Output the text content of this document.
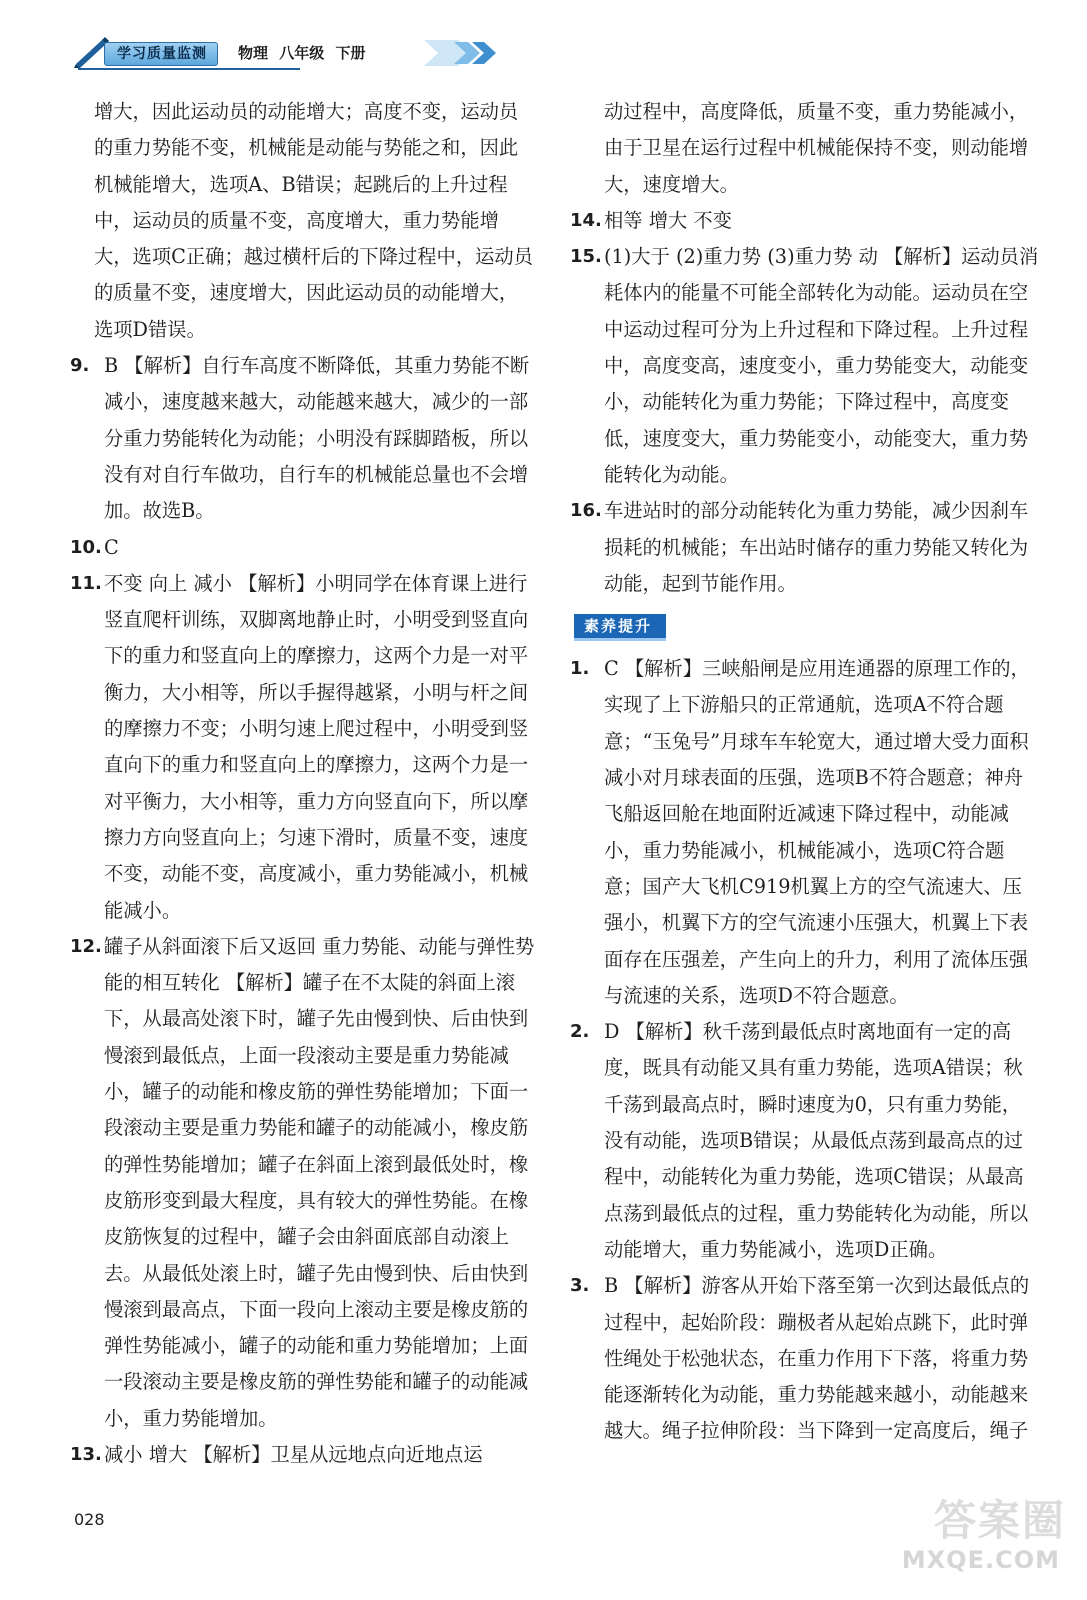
学习质量监测	物理 八年级 下册
增大，因此运动员的动能增大；高度不变，运动员的重力势能不变，机械能是动能与势能之和，因此机械能增大，选项A、B错误；起跳后的上升过程中，运动员的质量不变，高度增大，重力势能增大，选项C正确；越过横杆后的下降过程中，运动员的质量不变，速度增大，因此运动员的动能增大，选项D错误。
9. B 【解析】自行车高度不断降低，其重力势能不断减小，速度越来越大，动能越来越大，减少的一部分重力势能转化为动能；小明没有踩脚踏板，所以没有对自行车做功，自行车的机械能总量也不会增加。故选B。
10. C
11. 不变 向上 减小 【解析】小明同学在体育课上进行竖直爬杆训练，双脚离地静止时，小明受到竖直向下的重力和竖直向上的摩擦力，这两个力是一对平衡力，大小相等，所以手握得越紧，小明与杆之间的摩擦力不变；小明匀速上爬过程中，小明受到竖直向下的重力和竖直向上的摩擦力，这两个力是一对平衡力，大小相等，重力方向竖直向下，所以摩擦力方向竖直向上；匀速下滑时，质量不变，速度不变，动能不变，高度减小，重力势能减小，机械能减小。
12. 罐子从斜面滚下后又返回 重力势能、动能与弹性势能的相互转化 【解析】罐子在不太陡的斜面上滚下，从最高处滚下时，罐子先由慢到快、后由快到慢滚到最低点，上面一段滚动主要是重力势能减小，罐子的动能和橡皮筋的弹性势能增加；下面一段滚动主要是重力势能和罐子的动能减小，橡皮筋的弹性势能增加；罐子在斜面上滚到最低处时，橡皮筋形变到最大程度，具有较大的弹性势能。在橡皮筋恢复的过程中，罐子会由斜面底部自动滚上去。从最低处滚上时，罐子先由慢到快、后由快到慢滚到最高点，下面一段向上滚动主要是橡皮筋的弹性势能减小，罐子的动能和重力势能增加；上面一段滚动主要是橡皮筋的弹性势能和罐子的动能减小，重力势能增加。
13. 减小 增大 【解析】卫星从远地点向近地点运
动过程中，高度降低，质量不变，重力势能减小，由于卫星在运行过程中机械能保持不变，则动能增大，速度增大。
14. 相等 增大 不变
15. (1)大于 (2)重力势 (3)重力势 动 【解析】运动员消耗体内的能量不可能全部转化为动能。运动员在空中运动过程可分为上升过程和下降过程。上升过程中，高度变高，速度变小，重力势能变大，动能变小，动能转化为重力势能；下降过程中，高度变低，速度变大，重力势能变小，动能变大，重力势能转化为动能。
16. 车进站时的部分动能转化为重力势能，减少因刹车损耗的机械能；车出站时储存的重力势能又转化为动能，起到节能作用。
素养提升
1. C 【解析】三峡船闸是应用连通器的原理工作的，实现了上下游船只的正常通航，选项A不符合题意；“玉兔号”月球车车轮宽大，通过增大受力面积减小对月球表面的压强，选项B不符合题意；神舟飞船返回舱在地面附近减速下降过程中，动能减小，重力势能减小，机械能减小，选项C符合题意；国产大飞机C919机翼上方的空气流速大、压强小，机翼下方的空气流速小压强大，机翼上下表面存在压强差，产生向上的升力，利用了流体压强与流速的关系，选项D不符合题意。
2. D 【解析】秋千荡到最低点时离地面有一定的高度，既具有动能又具有重力势能，选项A错误；秋千荡到最高点时，瞬时速度为0，只有重力势能，没有动能，选项B错误；从最低点荡到最高点的过程中，动能转化为重力势能，选项C错误；从最高点荡到最低点的过程，重力势能转化为动能，所以动能增大，重力势能减小，选项D正确。
3. B 【解析】游客从开始下落至第一次到达最低点的过程中，起始阶段：蹦极者从起始点跳下，此时弹性绳处于松弛状态，在重力作用下下落，将重力势能逐渐转化为动能，重力势能越来越小，动能越来越大。绳子拉伸阶段：当下降到一定高度后，绳子
028	答案圈
MXQE.COM
